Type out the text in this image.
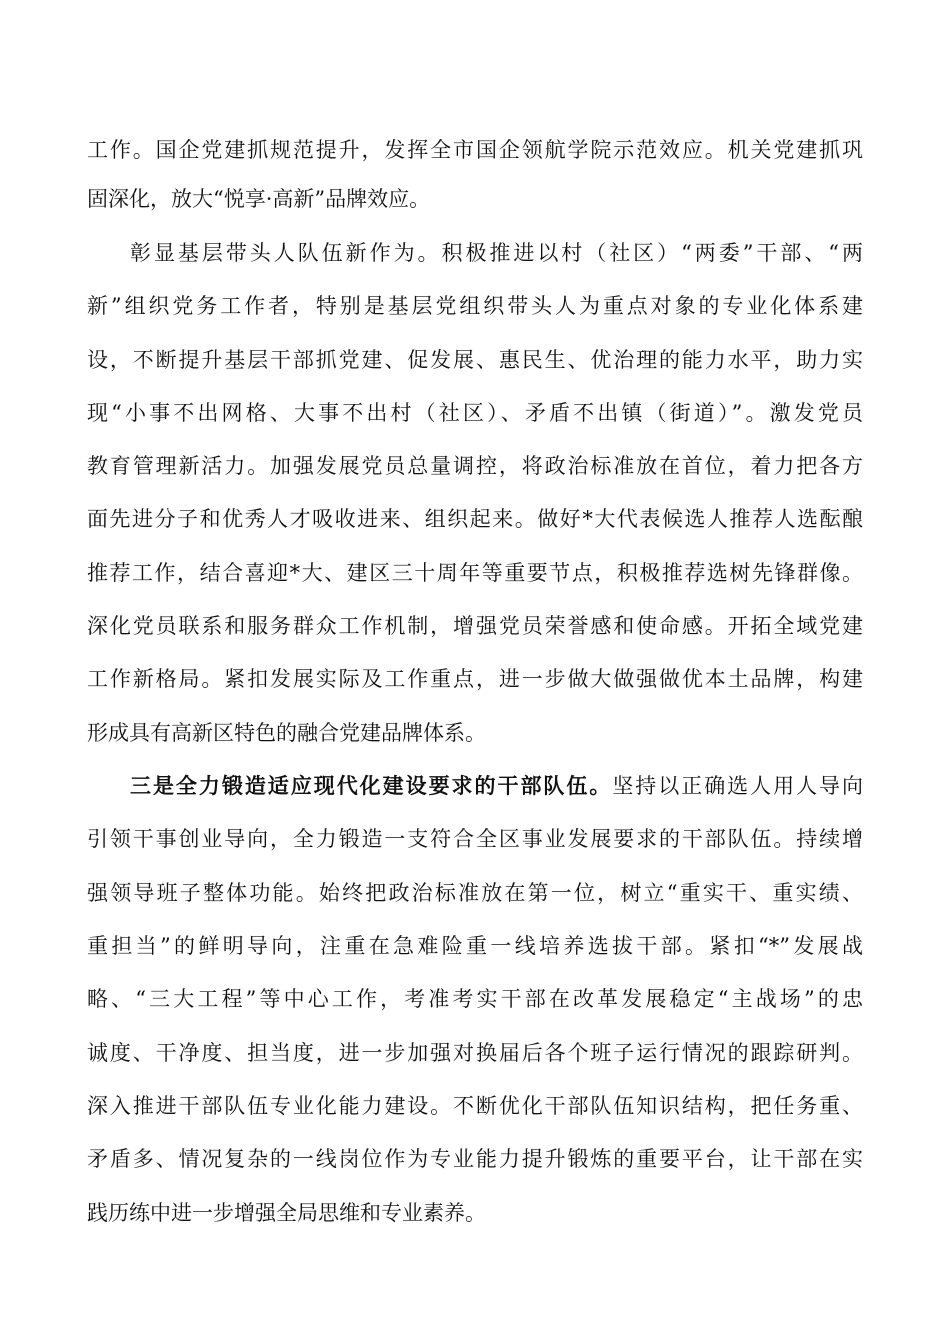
工作。国企党建抓规范提升，发挥全市国企领航学院示范效应。机关党建抓巩
固深化，放大“悦享·高新”品牌效应。
彰显基层带头人队伍新作为。积极推进以村（社区）“两委”干部、“两
新”组织党务工作者，特别是基层党组织带头人为重点对象的专业化体系建
设，不断提升基层干部抓党建、促发展、惠民生、优治理的能力水平，助力实
现“小事不出网格、大事不出村（社区）、矛盾不出镇（街道）”。激发党员
教育管理新活力。加强发展党员总量调控，将政治标准放在首位，着力把各方
面先进分子和优秀人才吸收进来、组织起来。做好*大代表候选人推荐人选酝酿
推荐工作，结合喜迎*大、建区三十周年等重要节点，积极推荐选树先锋群像。
深化党员联系和服务群众工作机制，增强党员荣誉感和使命感。开拓全域党建
工作新格局。紧扣发展实际及工作重点，进一步做大做强做优本土品牌，构建
形成具有高新区特色的融合党建品牌体系。
三是全力锻造适应现代化建设要求的干部队伍。坚持以正确选人用人导向
引领干事创业导向，全力锻造一支符合全区事业发展要求的干部队伍。持续增
强领导班子整体功能。始终把政治标准放在第一位，树立“重实干、重实绩、
重担当”的鲜明导向，注重在急难险重一线培养选拔干部。紧扣“*”发展战
略、“三大工程”等中心工作，考准考实干部在改革发展稳定“主战场”的忠
诚度、干净度、担当度，进一步加强对换届后各个班子运行情况的跟踪研判。
深入推进干部队伍专业化能力建设。不断优化干部队伍知识结构，把任务重、
矛盾多、情况复杂的一线岗位作为专业能力提升锻炼的重要平台，让干部在实
践历练中进一步增强全局思维和专业素养。
